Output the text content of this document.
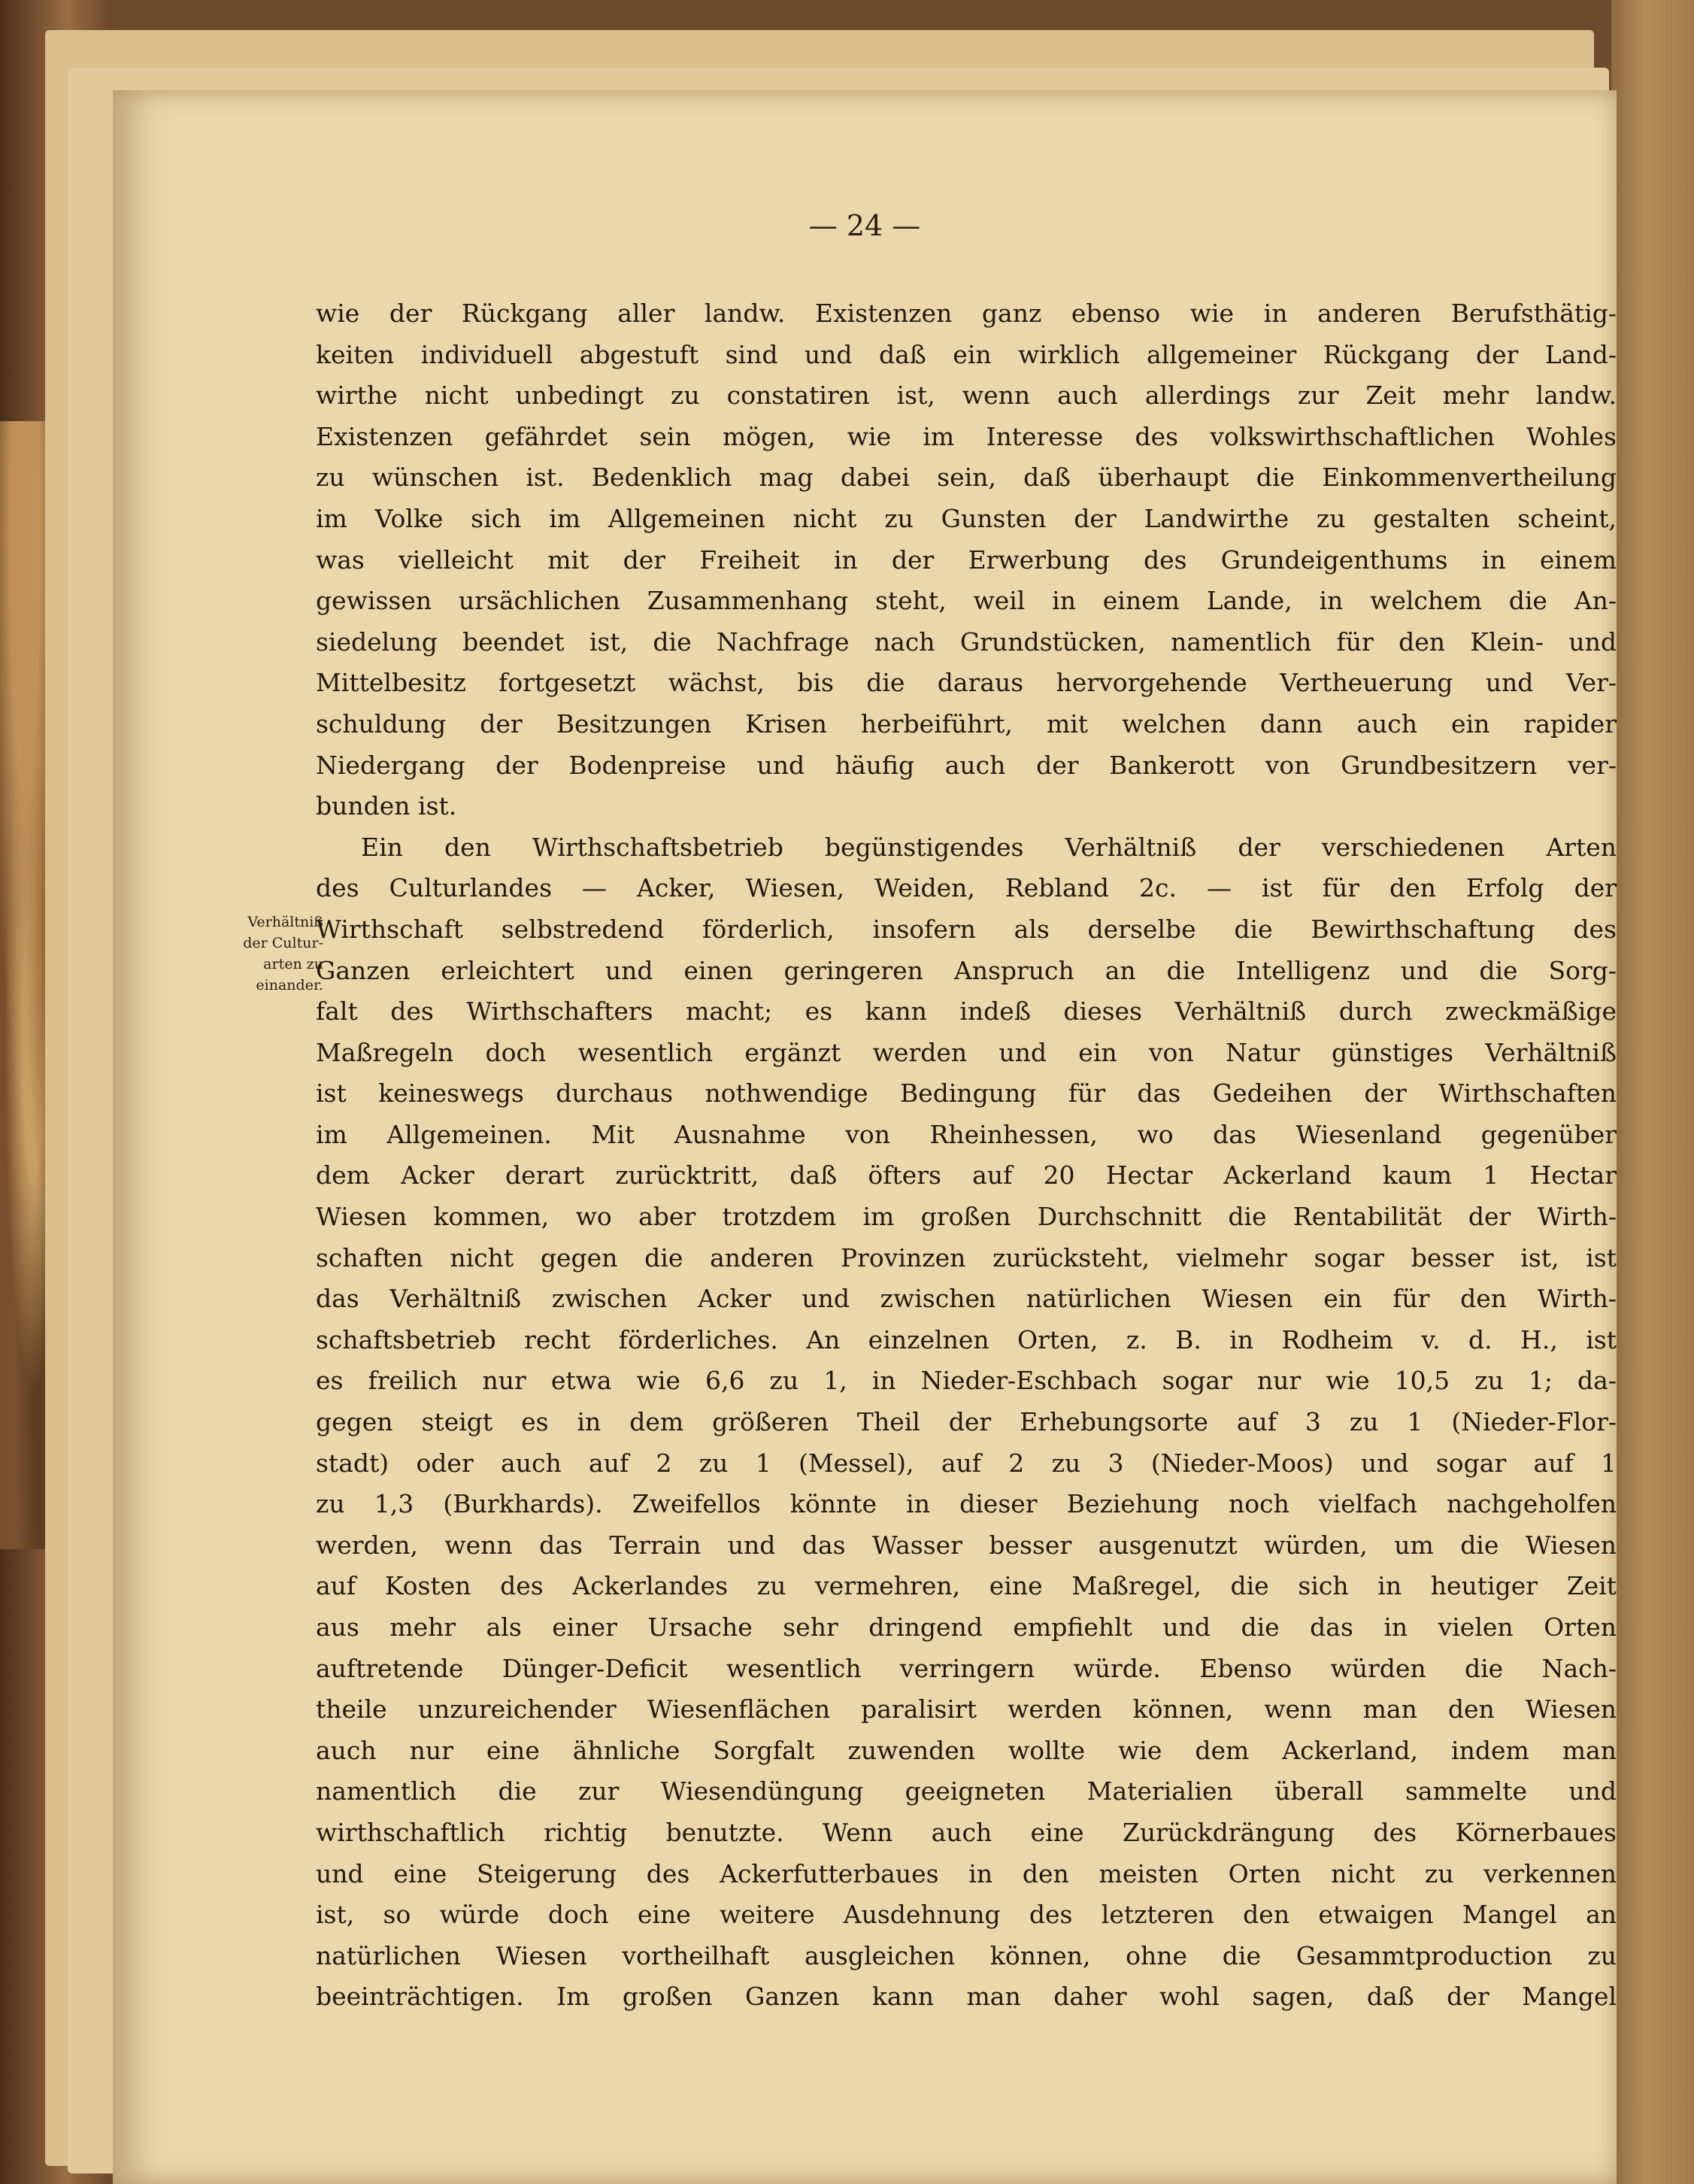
— 24 —
Verhältniß
der Cultur-
arten zu
einander.
wie der Rückgang aller landw. Existenzen ganz ebenso wie in anderen Berufsthätig-
keiten individuell abgestuft sind und daß ein wirklich allgemeiner Rückgang der Land-
wirthe nicht unbedingt zu constatiren ist, wenn auch allerdings zur Zeit mehr landw.
Existenzen gefährdet sein mögen, wie im Interesse des volkswirthschaftlichen Wohles
zu wünschen ist. Bedenklich mag dabei sein, daß überhaupt die Einkommenvertheilung
im Volke sich im Allgemeinen nicht zu Gunsten der Landwirthe zu gestalten scheint,
was vielleicht mit der Freiheit in der Erwerbung des Grundeigenthums in einem
gewissen ursächlichen Zusammenhang steht, weil in einem Lande, in welchem die An-
siedelung beendet ist, die Nachfrage nach Grundstücken, namentlich für den Klein- und
Mittelbesitz fortgesetzt wächst, bis die daraus hervorgehende Vertheuerung und Ver-
schuldung der Besitzungen Krisen herbeiführt, mit welchen dann auch ein rapider
Niedergang der Bodenpreise und häufig auch der Bankerott von Grundbesitzern ver-
bunden ist.
Ein den Wirthschaftsbetrieb begünstigendes Verhältniß der verschiedenen Arten
des Culturlandes — Acker, Wiesen, Weiden, Rebland 2c. — ist für den Erfolg der
Wirthschaft selbstredend förderlich, insofern als derselbe die Bewirthschaftung des
Ganzen erleichtert und einen geringeren Anspruch an die Intelligenz und die Sorg-
falt des Wirthschafters macht; es kann indeß dieses Verhältniß durch zweckmäßige
Maßregeln doch wesentlich ergänzt werden und ein von Natur günstiges Verhältniß
ist keineswegs durchaus nothwendige Bedingung für das Gedeihen der Wirthschaften
im Allgemeinen. Mit Ausnahme von Rheinhessen, wo das Wiesenland gegenüber
dem Acker derart zurücktritt, daß öfters auf 20 Hectar Ackerland kaum 1 Hectar
Wiesen kommen, wo aber trotzdem im großen Durchschnitt die Rentabilität der Wirth-
schaften nicht gegen die anderen Provinzen zurücksteht, vielmehr sogar besser ist, ist
das Verhältniß zwischen Acker und zwischen natürlichen Wiesen ein für den Wirth-
schaftsbetrieb recht förderliches. An einzelnen Orten, z. B. in Rodheim v. d. H., ist
es freilich nur etwa wie 6,6 zu 1, in Nieder-Eschbach sogar nur wie 10,5 zu 1; da-
gegen steigt es in dem größeren Theil der Erhebungsorte auf 3 zu 1 (Nieder-Flor-
stadt) oder auch auf 2 zu 1 (Messel), auf 2 zu 3 (Nieder-Moos) und sogar auf 1
zu 1,3 (Burkhards). Zweifellos könnte in dieser Beziehung noch vielfach nachgeholfen
werden, wenn das Terrain und das Wasser besser ausgenutzt würden, um die Wiesen
auf Kosten des Ackerlandes zu vermehren, eine Maßregel, die sich in heutiger Zeit
aus mehr als einer Ursache sehr dringend empfiehlt und die das in vielen Orten
auftretende Dünger-Deficit wesentlich verringern würde. Ebenso würden die Nach-
theile unzureichender Wiesenflächen paralisirt werden können, wenn man den Wiesen
auch nur eine ähnliche Sorgfalt zuwenden wollte wie dem Ackerland, indem man
namentlich die zur Wiesendüngung geeigneten Materialien überall sammelte und
wirthschaftlich richtig benutzte. Wenn auch eine Zurückdrängung des Körnerbaues
und eine Steigerung des Ackerfutterbaues in den meisten Orten nicht zu verkennen
ist, so würde doch eine weitere Ausdehnung des letzteren den etwaigen Mangel an
natürlichen Wiesen vortheilhaft ausgleichen können, ohne die Gesammtproduction zu
beeinträchtigen. Im großen Ganzen kann man daher wohl sagen, daß der Mangel
